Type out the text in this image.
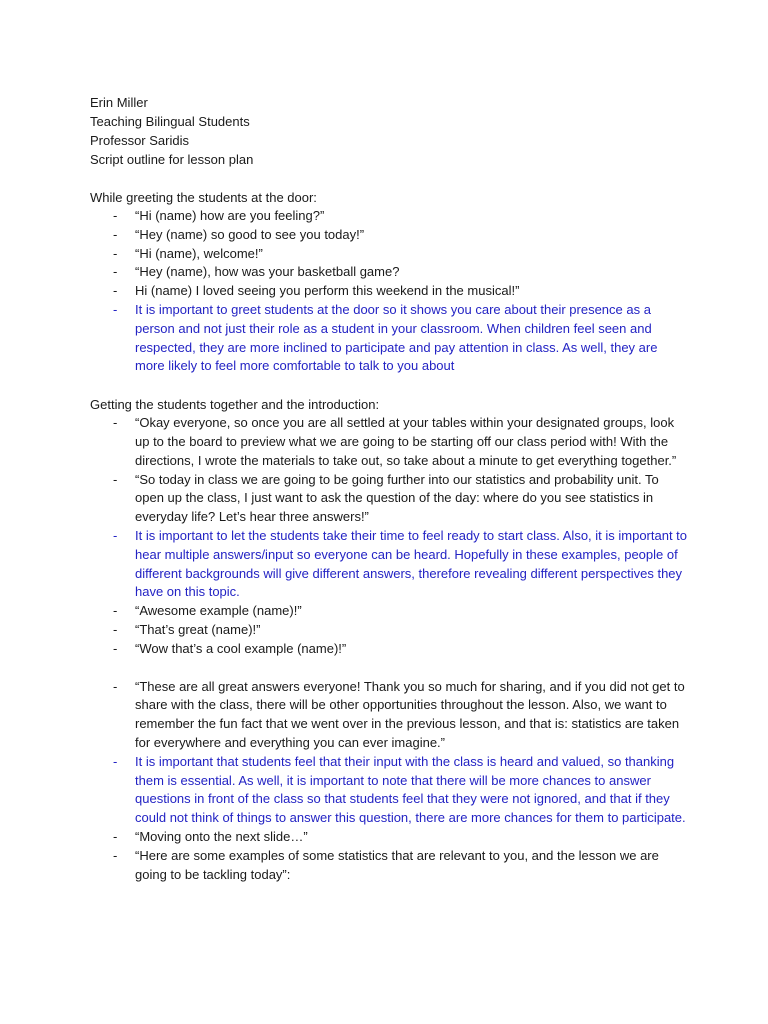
Erin Miller
Teaching Bilingual Students
Professor Saridis
Script outline for lesson plan
While greeting the students at the door:
- “Hi (name) how are you feeling?”
- “Hey (name) so good to see you today!”
- “Hi (name), welcome!”
- “Hey (name), how was your basketball game?
- Hi (name) I loved seeing you perform this weekend in the musical!”
- It is important to greet students at the door so it shows you care about their presence as a person and not just their role as a student in your classroom. When children feel seen and respected, they are more inclined to participate and pay attention in class. As well, they are more likely to feel more comfortable to talk to you about
Getting the students together and the introduction:
- “Okay everyone, so once you are all settled at your tables within your designated groups, look up to the board to preview what we are going to be starting off our class period with! With the directions, I wrote the materials to take out, so take about a minute to get everything together.”
- “So today in class we are going to be going further into our statistics and probability unit. To open up the class, I just want to ask the question of the day: where do you see statistics in everyday life? Let’s hear three answers!”
- It is important to let the students take their time to feel ready to start class. Also, it is important to hear multiple answers/input so everyone can be heard. Hopefully in these examples, people of different backgrounds will give different answers, therefore revealing different perspectives they have on this topic.
- “Awesome example (name)!”
- “That’s great (name)!”
- “Wow that’s a cool example (name)!”
- “These are all great answers everyone! Thank you so much for sharing, and if you did not get to share with the class, there will be other opportunities throughout the lesson. Also, we want to remember the fun fact that we went over in the previous lesson, and that is: statistics are taken for everywhere and everything you can ever imagine.”
- It is important that students feel that their input with the class is heard and valued, so thanking them is essential. As well, it is important to note that there will be more chances to answer questions in front of the class so that students feel that they were not ignored, and that if they could not think of things to answer this question, there are more chances for them to participate.
- “Moving onto the next slide…”
- “Here are some examples of some statistics that are relevant to you, and the lesson we are going to be tackling today”:
